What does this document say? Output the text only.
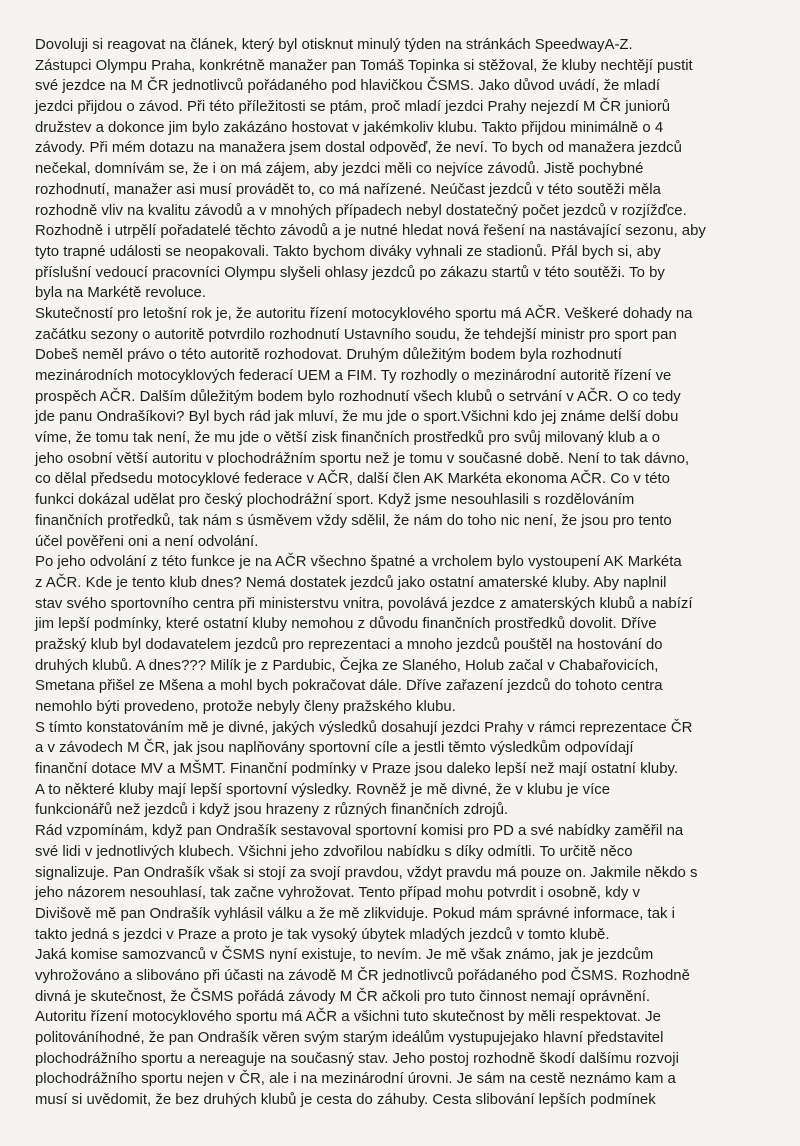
Dovoluji si reagovat na článek, který byl otisknut minulý týden na stránkách SpeedwayA-Z.
Zástupci Olympu Praha, konkrétně manažer pan Tomáš Topinka si stěžoval, že kluby nechtějí pustit
své jezdce na M ČR jednotlivců pořádaného pod hlavičkou ČSMS. Jako důvod uvádí, že mladí
jezdci přijdou o závod. Při této příležitosti se ptám, proč mladí jezdci Prahy nejezdí M ČR juniorů
družstev a dokonce jim bylo zakázáno hostovat v jakémkoliv klubu. Takto přijdou minimálně o 4
závody. Při mém dotazu na manažera jsem dostal odpověď, že neví. To bych od manažera jezdců
nečekal, domnívám se, že i on má zájem, aby jezdci měli co nejvíce závodů. Jistě pochybné
rozhodnutí, manažer asi musí provádět to, co má nařízené. Neúčast jezdců v této soutěži měla
rozhodně vliv na kvalitu závodů a v mnohých případech nebyl dostatečný počet jezdců v rozjížďce.
Rozhodně i utrpělí pořadatelé těchto závodů a je nutné hledat nová řešení na nastávající sezonu, aby
tyto trapné události se neopakovali. Takto bychom diváky vyhnali ze stadionů. Přál bych si, aby
příslušní vedoucí pracovníci Olympu slyšeli ohlasy jezdců po zákazu startů v této soutěži. To by
byla na Markétě revoluce.
Skutečností pro letošní rok je, že autoritu řízení motocyklového sportu má AČR. Veškeré dohady na
začátku sezony o autoritě potvrdilo rozhodnutí Ustavního soudu, že tehdejší ministr pro sport pan
Dobeš neměl právo o této autoritě rozhodovat. Druhým důležitým bodem byla rozhodnutí
mezinárodních motocyklových federací UEM a FIM. Ty rozhodly o mezinárodní autoritě řízení ve
prospěch AČR. Dalším důležitým bodem bylo rozhodnutí všech klubů o setrvání v AČR. O co tedy
jde panu Ondrašíkovi? Byl bych rád jak mluví, že mu jde o sport.Všichni kdo jej známe delší dobu
víme, že tomu tak není, že mu jde o větší zisk finančních prostředků pro svůj milovaný klub a o
jeho osobní větší autoritu v plochodrážním sportu než je tomu v současné době. Není to tak dávno,
co dělal předsedu motocyklové federace v AČR, další člen AK Markéta ekonoma AČR. Co v této
funkci dokázal udělat pro český plochodrážní sport. Když jsme nesouhlasili s rozdělováním
finančních protředků, tak nám s úsměvem vždy sdělil, že nám do toho nic není, že jsou pro tento
účel pověřeni oni a není odvolání.
Po jeho odvolání z této funkce je na AČR všechno špatné a vrcholem bylo vystoupení AK Markéta
z AČR. Kde je tento klub dnes? Nemá dostatek jezdců jako ostatní amaterské kluby. Aby naplnil
stav svého sportovního centra při ministerstvu vnitra, povolává jezdce z amaterských klubů a nabízí
jim lepší podmínky, které ostatní kluby nemohou z důvodu finančních prostředků dovolit. Dříve
pražský klub byl dodavatelem jezdců pro reprezentaci a mnoho jezdců pouštěl na hostování do
druhých klubů. A dnes??? Milík je z Pardubic, Čejka ze Slaného, Holub začal v Chabařovicích,
Smetana přišel ze Mšena a mohl bych pokračovat dále. Dříve zařazení jezdců do tohoto centra
nemohlo býti provedeno, protože nebyly členy pražského klubu.
S tímto konstatováním mě je divné, jakých výsledků dosahují jezdci Prahy v rámci reprezentace ČR
a v závodech M ČR, jak jsou naplňovány sportovní cíle a jestli těmto výsledkům odpovídají
finanční dotace MV a MŠMT. Finanční podmínky v Praze jsou daleko lepší než mají ostatní kluby.
A to některé kluby mají lepší sportovní výsledky. Rovněž je mě divné, že v klubu je více
funkcionářů než jezdců i když jsou hrazeny z různých finančních zdrojů.
Rád vzpomínám, když pan Ondrašík sestavoval sportovní komisi pro PD a své nabídky zaměřil na
své lidi v jednotlivých klubech. Všichni jeho zdvořilou nabídku s díky odmítli. To určitě něco
signalizuje. Pan Ondrašík však si stojí za svojí pravdou, vždyt pravdu má pouze on. Jakmile někdo s
jeho názorem nesouhlasí, tak začne vyhrožovat. Tento případ mohu potvrdit i osobně, kdy v
Divišově mě pan Ondrašík vyhlásil válku a že mě zlikviduje. Pokud mám správné informace, tak i
takto jedná s jezdci v Praze a proto je tak vysoký úbytek mladých jezdců v tomto klubě.
Jaká komise samozvanců v ČSMS nyní existuje, to nevím. Je mě však známo, jak je jezdcům
vyhrožováno a slibováno při účasti na závodě M ČR jednotlivců pořádaného pod ČSMS. Rozhodně
divná je skutečnost, že ČSMS pořádá závody M ČR ačkoli pro tuto činnost nemají oprávnění.
Autoritu řízení motocyklového sportu má AČR a všichni tuto skutečnost by měli respektovat. Je
politováníhodné, že pan Ondrašík věren svým starým ideálům vystupujejako hlavní představitel
plochodrážního sportu a nereaguje na současný stav. Jeho postoj rozhodně škodí dalšímu rozvoji
plochodrážního sportu nejen v ČR, ale i na mezinárodní úrovni. Je sám na cestě neznámo kam a
musí si uvědomit, že bez druhých klubů je cesta do záhuby. Cesta slibování lepších podmínek
